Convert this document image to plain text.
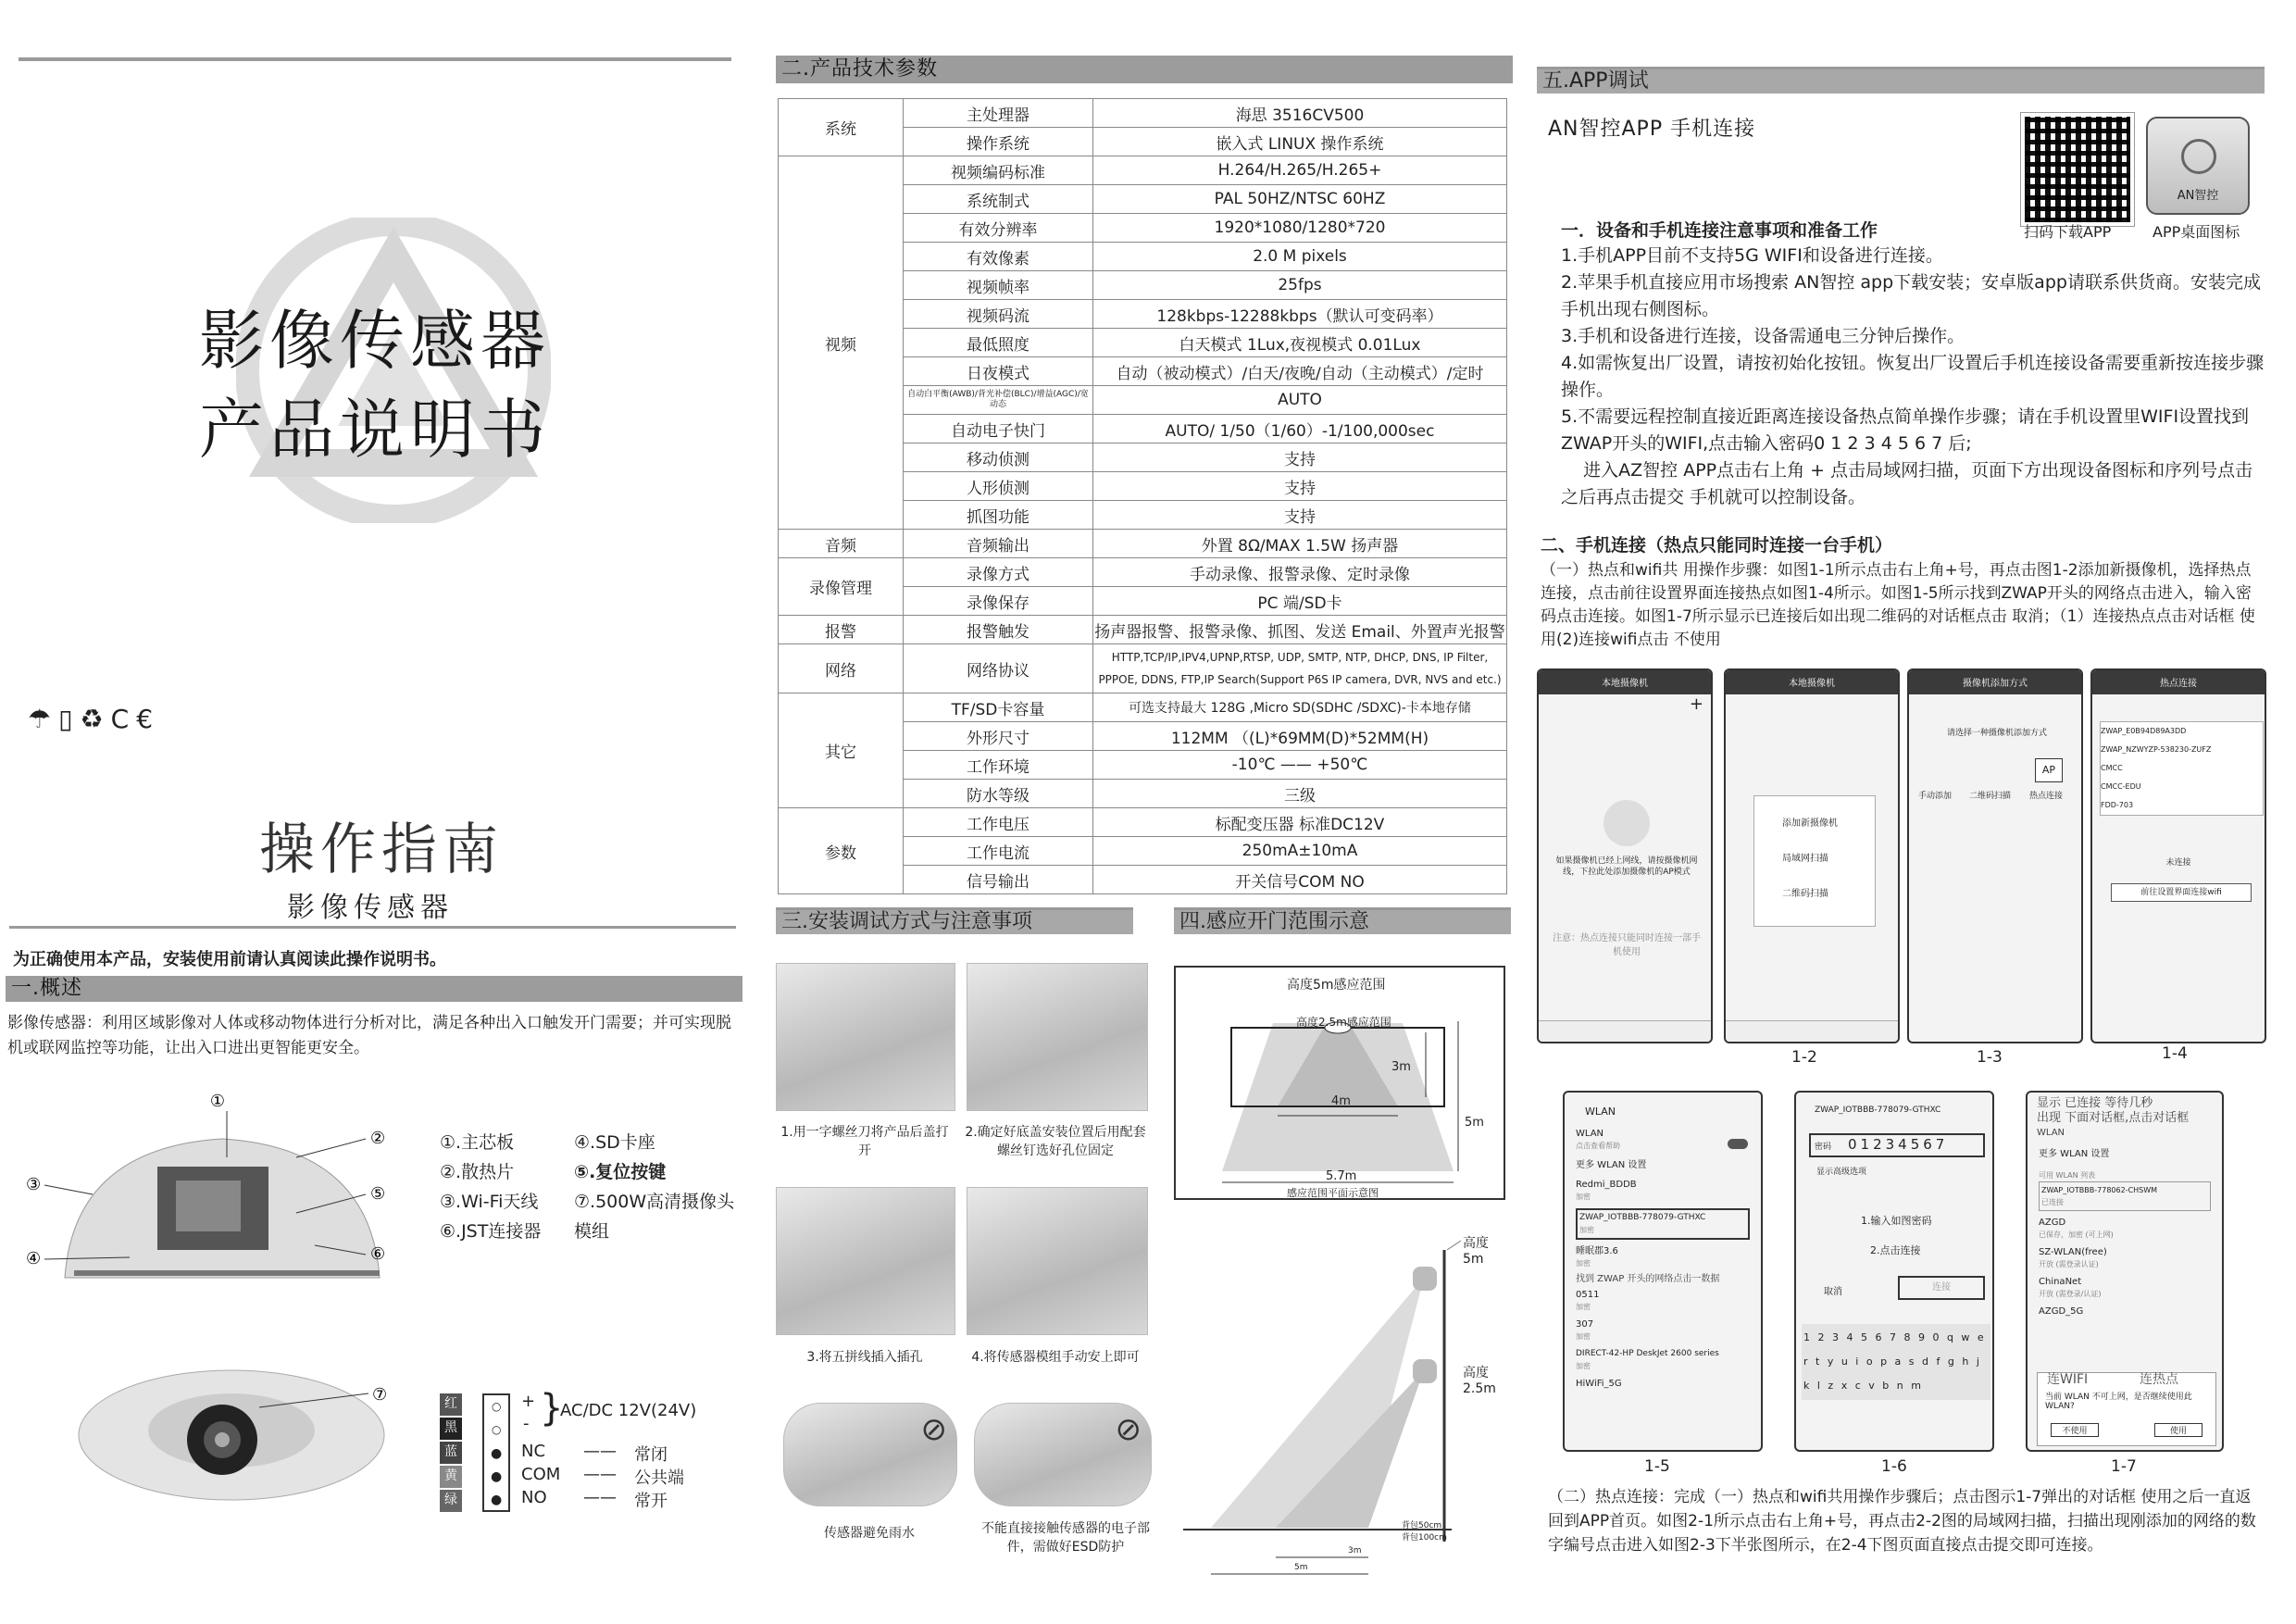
影像传感器
产品说明书
☂▯♻C€
操作指南
影像传感器
为正确使用本产品，安装使用前请认真阅读此操作说明书。
一.概述
影像传感器：利用区域影像对人体或移动物体进行分析对比，满足各种出入口触发开门需要；并可实现脱机或联网监控等功能，让出入口进出更智能更安全。
①
②
③
④
⑤
⑥
①.主芯板
②.散热片
③.Wi-Fi天线
⑥.JST连接器
④.SD卡座
⑤.复位按键
⑦.500W高清摄像头模组
⑦	红
黑
蓝
黄
绿
○
○
●
●
●
+
- }
AC/DC 12V(24V)
NC
COM
NO
——
——
——
常闭
公共端
常开
二.产品技术参数
系统	主处理器	海思 3516CV500
	操作系统	嵌入式 LINUX 操作系统
视频	视频编码标准	H.264/H.265/H.265+
	系统制式	PAL 50HZ/NTSC 60HZ
	有效分辨率	1920*1080/1280*720
	有效像素	2.0 M pixels
	视频帧率	25fps
	视频码流	128kbps-12288kbps（默认可变码率）
	最低照度	白天模式 1Lux,夜视模式 0.01Lux
	日夜模式	自动（被动模式）/白天/夜晚/自动（主动模式）/定时
	自动白平衡(AWB)/背光补偿(BLC)/增益(AGC)/宽动态	AUTO
	自动电子快门	AUTO/ 1/50（1/60）-1/100,000sec
	移动侦测	支持
	人形侦测	支持
	抓图功能	支持
音频	音频输出	外置 8Ω/MAX 1.5W 扬声器
录像管理	录像方式	手动录像、报警录像、定时录像
	录像保存	PC 端/SD卡
报警	报警触发	扬声器报警、报警录像、抓图、发送 Email、外置声光报警
网络	网络协议	HTTP,TCP/IP,IPV4,UPNP,RTSP, UDP, SMTP, NTP, DHCP, DNS, IP Filter, PPPOE, DDNS, FTP,IP Search(Support P6S IP camera, DVR, NVS and etc.)
其它	TF/SD卡容量	可选支持最大 128G ,Micro SD(SDHC /SDXC)-卡本地存储
	外形尺寸	112MM （(L)*69MM(D)*52MM(H)
	工作环境	-10℃ —— +50℃
	防水等级	三级
参数	工作电压	标配变压器 标准DC12V
	工作电流	250mA±10mA
	信号输出	开关信号COM NO
三.安装调试方式与注意事项	四.感应开门范围示意
1.用一字螺丝刀将产品后盖打开
2.确定好底盖安装位置后用配套螺丝钉选好孔位固定
3.将五拼线插入插孔	4.将传感器模组手动安上即可
⊘	⊘
传感器避免雨水	不能直接接触传感器的电子部件，需做好ESD防护
高度5m感应范围
高度2.5m感应范围
4m
5.7m
3m
5m
感应范围平面示意图
高度
5m
高度
2.5m
背包50cm
背包100cm
3m
5m
五.APP调试
AN智控APP 手机连接
扫码下载APP
AN智控
APP桌面图标
一．设备和手机连接注意事项和准备工作
1.手机APP目前不支持5G WIFI和设备进行连接。
2.苹果手机直接应用市场搜索 AN智控 app下载安装；安卓版app请联系供货商。安装完成手机出现右侧图标。
3.手机和设备进行连接，设备需通电三分钟后操作。
4.如需恢复出厂设置，请按初始化按钮。恢复出厂设置后手机连接设备需要重新按连接步骤操作。
5.不需要远程控制直接近距离连接设备热点简单操作步骤；请在手机设置里WIFI设置找到ZWAP开头的WIFI,点击输入密码0 1 2 3 4 5 6 7 后;
进入AZ智控 APP点击右上角 + 点击局域网扫描，页面下方出现设备图标和序列号点击之后再点击提交 手机就可以控制设备。
二、手机连接（热点只能同时连接一台手机）
（一）热点和wifi共 用操作步骤：如图1-1所示点击右上角+号，再点击图1-2添加新摄像机，选择热点连接，点击前往设置界面连接热点如图1-4所示。如图1-5所示找到ZWAP开头的网络点击进入，输入密码点击连接。如图1-7所示显示已连接后如出现二维码的对话框点击 取消；（1）连接热点点击对话框 使用(2)连接wifi点击 不使用
本地摄像机
+
如果摄像机已经上网线，请按摄像机网线，下拉此处添加摄像机的AP模式
注意：热点连接只能同时连接一部手机使用
本地摄像机
添加新摄像机
局域网扫描
二维码扫描
摄像机添加方式
请选择一种摄像机添加方式
AP
手动添加 二维码扫描 热点连接
热点连接
ZWAP_E0B94D89A3DD
ZWAP_NZWYZP-538230-ZUFZ
CMCC
CMCC-EDU
FDD-703
未连接
前往设置界面连接wifi
1-2	1-3	1-4
WLAN
WLAN
点击查看帮助
更多 WLAN 设置
Redmi_BDDB
加密
ZWAP_IOTBBB-778079-GTHXC
加密
睡眠郡3.6
加密
找到 ZWAP 开头的网络点击一数据
0511
加密
307
加密
DIRECT-42-HP DeskJet 2600 series
加密
HiWiFi_5G
ZWAP_IOTBBB-778079-GTHXC
密码 01234567
显示高级选项
1.输入如图密码
2.点击连接
取消	连接
1 2 3 4 5 6 7 8 9 0 q w e r t y u i o p a s d f g h j k l z x c v b n m
显示 已连接 等待几秒
出现 下面对话框,点击对话框
WLAN
更多 WLAN 设置
可用 WLAN 列表
ZWAP_IOTBBB-778062-CHSWM
已连接
AZGD
已保存，加密 (可上网)
SZ-WLAN(free)
开放 (需登录认证)
ChinaNet
开放 (需登录/认证)
AZGD_5G
连WIFI	连热点
当前 WLAN 不可上网，是否继续使用此 WLAN?
不使用	使用
1-5	1-6	1-7
（二）热点连接：完成（一）热点和wifi共用操作步骤后；点击图示1-7弹出的对话框 使用之后一直返回到APP首页。如图2-1所示点击右上角+号，再点击2-2图的局域网扫描，扫描出现刚添加的网络的数字编号点击进入如图2-3下半张图所示，在2-4下图页面直接点击提交即可连接。
